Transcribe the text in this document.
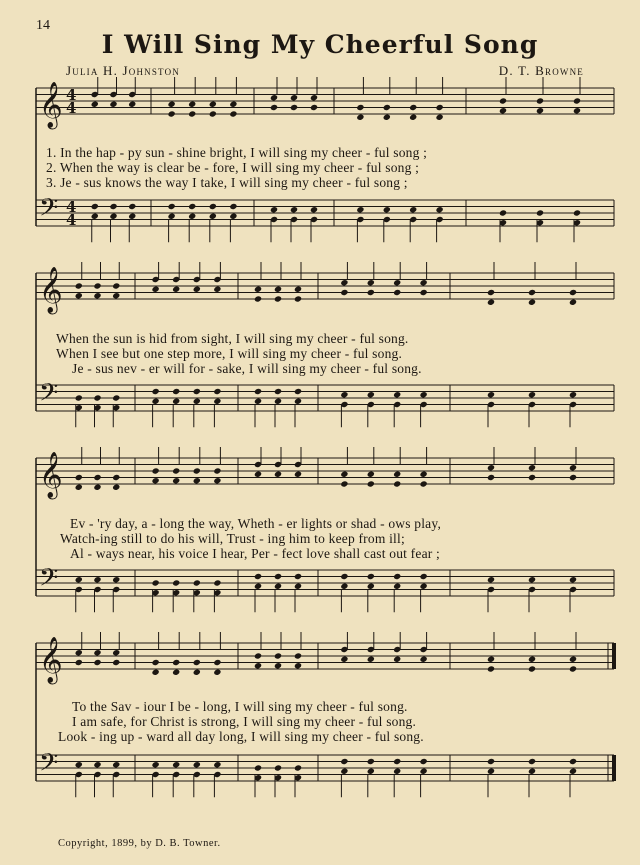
14
I Will Sing My Cheerful Song
Julia H. Johnston	D. T. Browne
𝄞
𝄢
4
4
4
4
1. In the hap - py sun - shine bright, I will sing my cheer - ful song ;
2. When the way is clear be - fore, I will sing my cheer - ful song ;
3. Je - sus knows the way I take, I will sing my cheer - ful song ;
𝄞
𝄢
When the sun is hid from sight, I will sing my cheer - ful song.
When I see but one step more, I will sing my cheer - ful song.
Je - sus nev - er will for - sake, I will sing my cheer - ful song.
𝄞
𝄢
Ev - 'ry day, a - long the way, Wheth - er lights or shad - ows play,
Watch-ing still to do his will, Trust - ing him to keep from ill;
Al - ways near, his voice I hear, Per - fect love shall cast out fear ;
𝄞
𝄢
To the Sav - iour I be - long, I will sing my cheer - ful song.
I am safe, for Christ is strong, I will sing my cheer - ful song.
Look - ing up - ward all day long, I will sing my cheer - ful song.
Copyright, 1899, by D. B. Towner.
